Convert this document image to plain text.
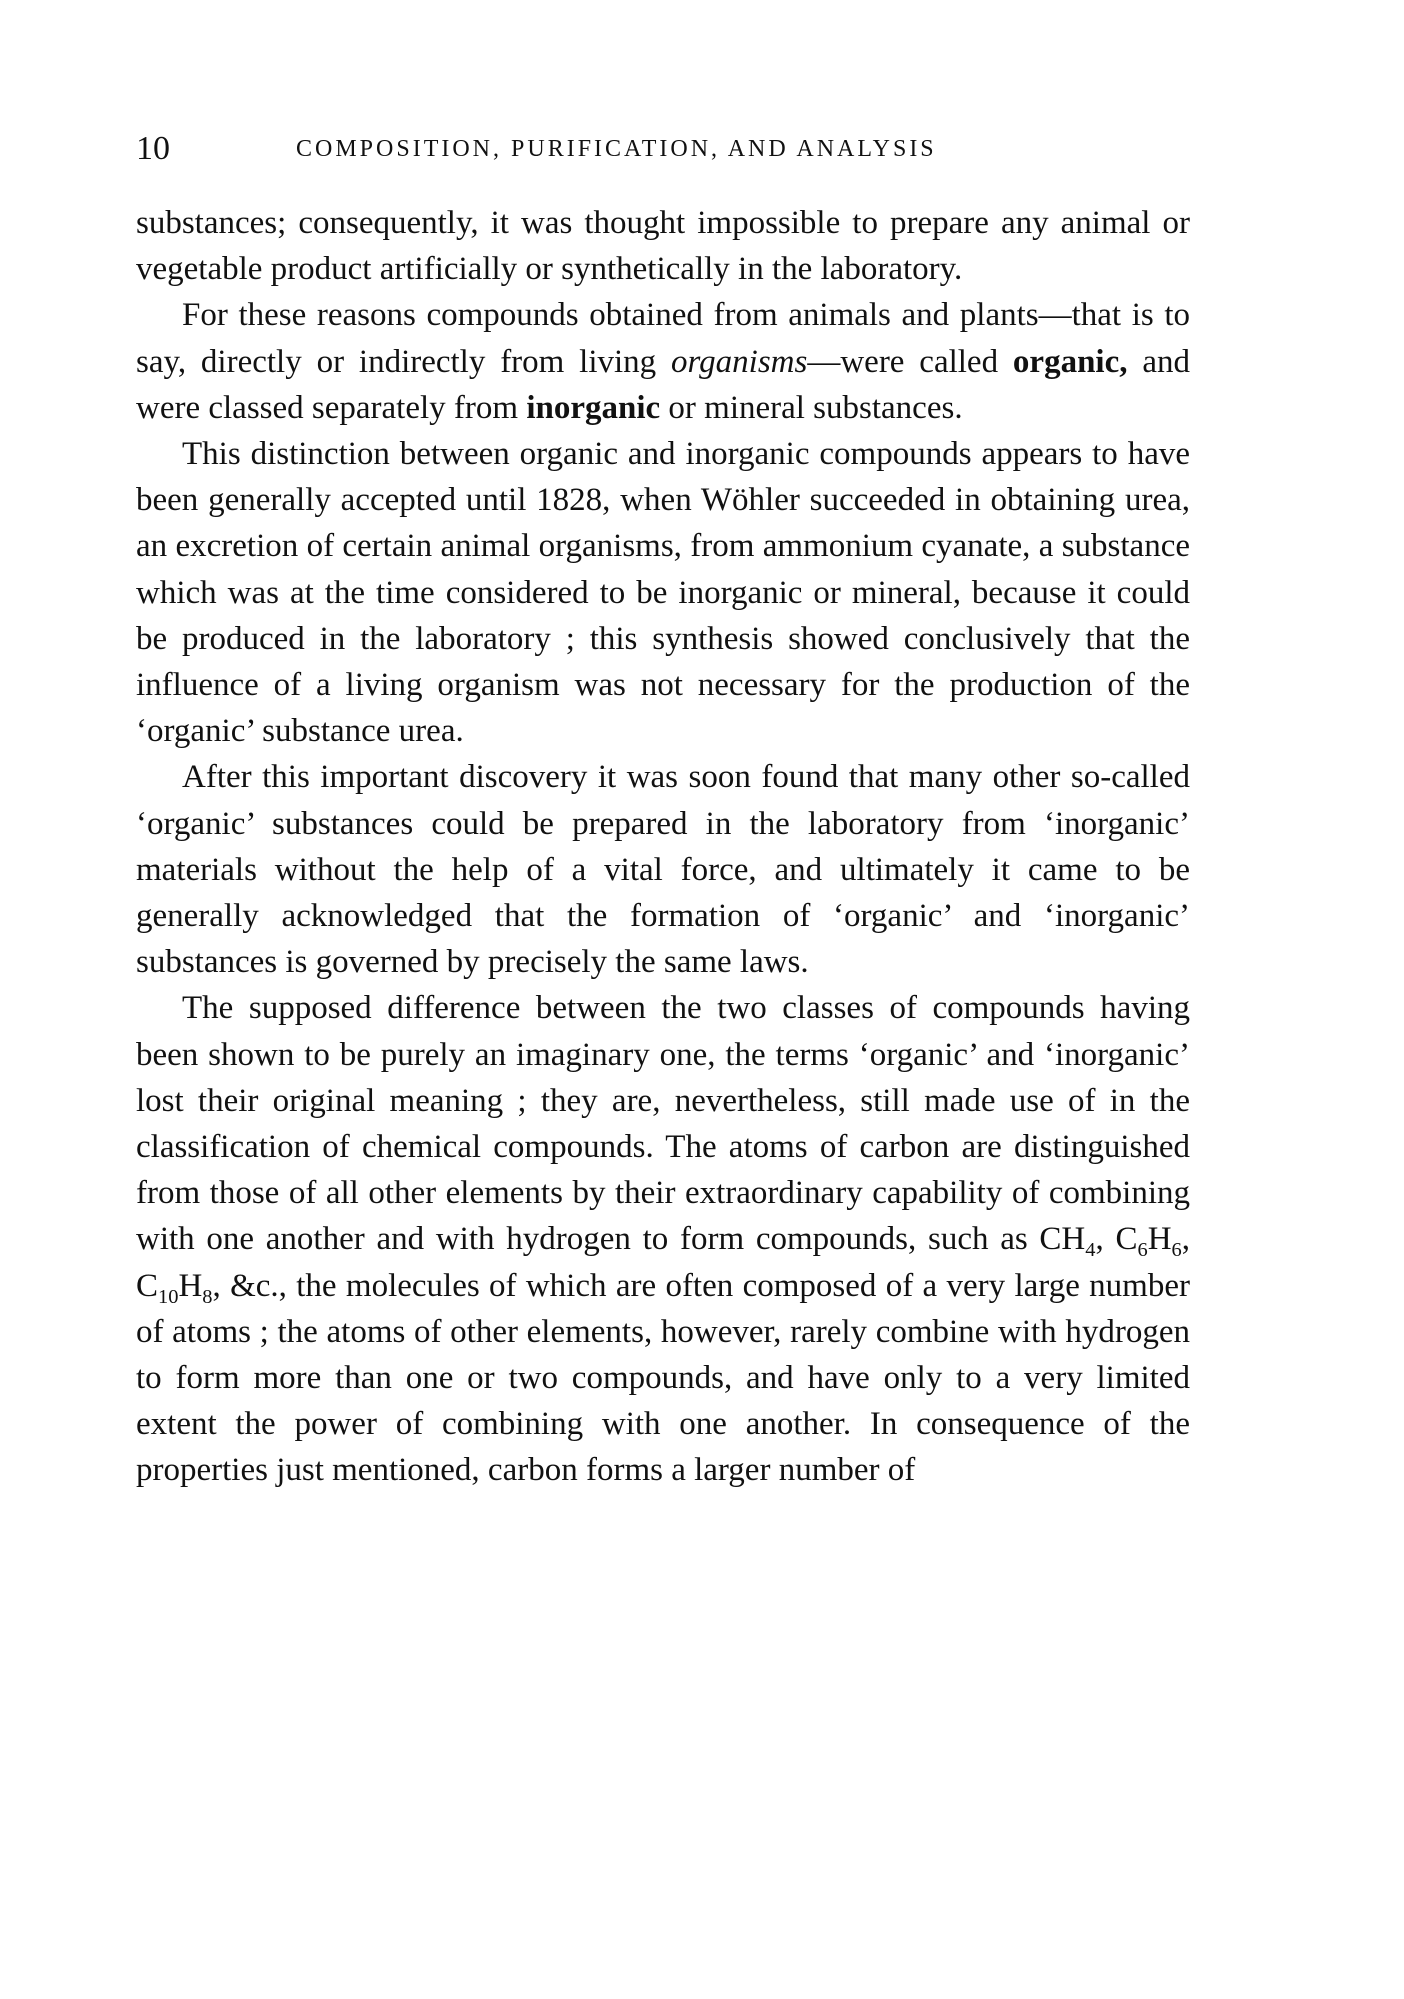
10	COMPOSITION, PURIFICATION, AND ANALYSIS

substances; consequently, it was thought impossible to prepare any animal or vegetable product artificially or synthetically in the laboratory.

For these reasons compounds obtained from animals and plants—that is to say, directly or indirectly from living organisms—were called organic, and were classed separately from inorganic or mineral substances.

This distinction between organic and inorganic compounds appears to have been generally accepted until 1828, when Wöhler succeeded in obtaining urea, an excretion of certain animal organisms, from ammonium cyanate, a substance which was at the time considered to be inorganic or mineral, because it could be produced in the laboratory ; this synthesis showed conclusively that the influence of a living organism was not necessary for the production of the ‘organic’ substance urea.

After this important discovery it was soon found that many other so-called ‘organic’ substances could be prepared in the laboratory from ‘inorganic’ materials without the help of a vital force, and ultimately it came to be generally acknowledged that the formation of ‘organic’ and ‘inorganic’ substances is governed by precisely the same laws.

The supposed difference between the two classes of compounds having been shown to be purely an imaginary one, the terms ‘organic’ and ‘inorganic’ lost their original meaning ; they are, nevertheless, still made use of in the classification of chemical compounds. The atoms of carbon are distinguished from those of all other elements by their extraordinary capability of combining with one another and with hydrogen to form compounds, such as $CH_4$, $C_6H_6$, $C_{10}H_8$, &c., the molecules of which are often composed of a very large number of atoms ; the atoms of other elements, however, rarely combine with hydrogen to form more than one or two compounds, and have only to a very limited extent the power of combining with one another. In consequence of the properties just mentioned, carbon forms a larger number of
